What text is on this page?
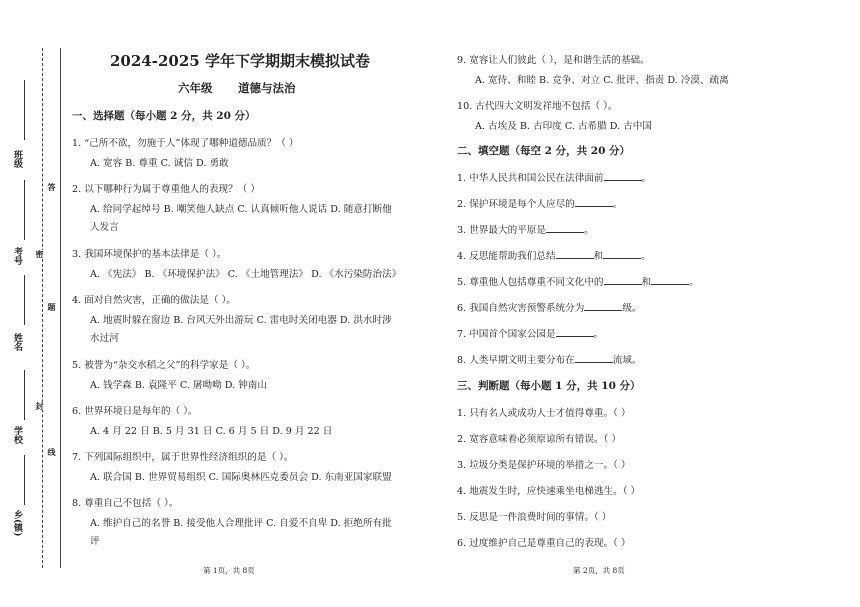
班级
考号
姓名
学校
乡(镇)
答
密
题
封
线
2024-2025 学年下学期期末模拟试卷
六年级 道德与法治
一、选择题（每小题 2 分，共 20 分）
1. “己所不欲，勿施于人”体现了哪种道德品质？（ ）
A. 宽容 B. 尊重 C. 诚信 D. 勇敢
2. 以下哪种行为属于尊重他人的表现？（ ）
A. 给同学起绰号 B. 嘲笑他人缺点 C. 认真倾听他人说话 D. 随意打断他
人发言
3. 我国环境保护的基本法律是（ ）。
A. 《宪法》 B. 《环境保护法》 C. 《土地管理法》 D. 《水污染防治法》
4. 面对自然灾害，正确的做法是（ ）。
A. 地震时躲在窗边 B. 台风天外出游玩 C. 雷电时关闭电器 D. 洪水时涉
水过河
5. 被誉为“杂交水稻之父”的科学家是（ ）。
A. 钱学森 B. 袁隆平 C. 屠呦呦 D. 钟南山
6. 世界环境日是每年的（ ）。
A. 4 月 22 日 B. 5 月 31 日 C. 6 月 5 日 D. 9 月 22 日
7. 下列国际组织中，属于世界性经济组织的是（ ）。
A. 联合国 B. 世界贸易组织 C. 国际奥林匹克委员会 D. 东南亚国家联盟
8. 尊重自己不包括（ ）。
A. 维护自己的名誉 B. 接受他人合理批评 C. 自爱不自卑 D. 拒绝所有批
评
9. 宽容让人们彼此（ ），是和谐生活的基础。
A. 宽待、和睦 B. 竞争、对立 C. 批评、指责 D. 冷漠、疏离
10. 古代四大文明发祥地不包括（ ）。
A. 古埃及 B. 古印度 C. 古希腊 D. 古中国
二、填空题（每空 2 分，共 20 分）
1. 中华人民共和国公民在法律面前	。
2. 保护环境是每个人应尽的	。
3. 世界最大的平原是	。
4. 反思能帮助我们总结	和	。
5. 尊重他人包括尊重不同文化中的	和	。
6. 我国自然灾害预警系统分为	级。
7. 中国首个国家公园是	。
8. 人类早期文明主要分布在	流域。
三、判断题（每小题 1 分，共 10 分）
1. 只有名人或成功人士才值得尊重。（ ）
2. 宽容意味着必须原谅所有错误。（ ）
3. 垃圾分类是保护环境的举措之一。（ ）
4. 地震发生时，应快速乘坐电梯逃生。（ ）
5. 反思是一件浪费时间的事情。（ ）
6. 过度维护自己是尊重自己的表现。（ ）
第 1页，共 8页	第 2页，共 8页
